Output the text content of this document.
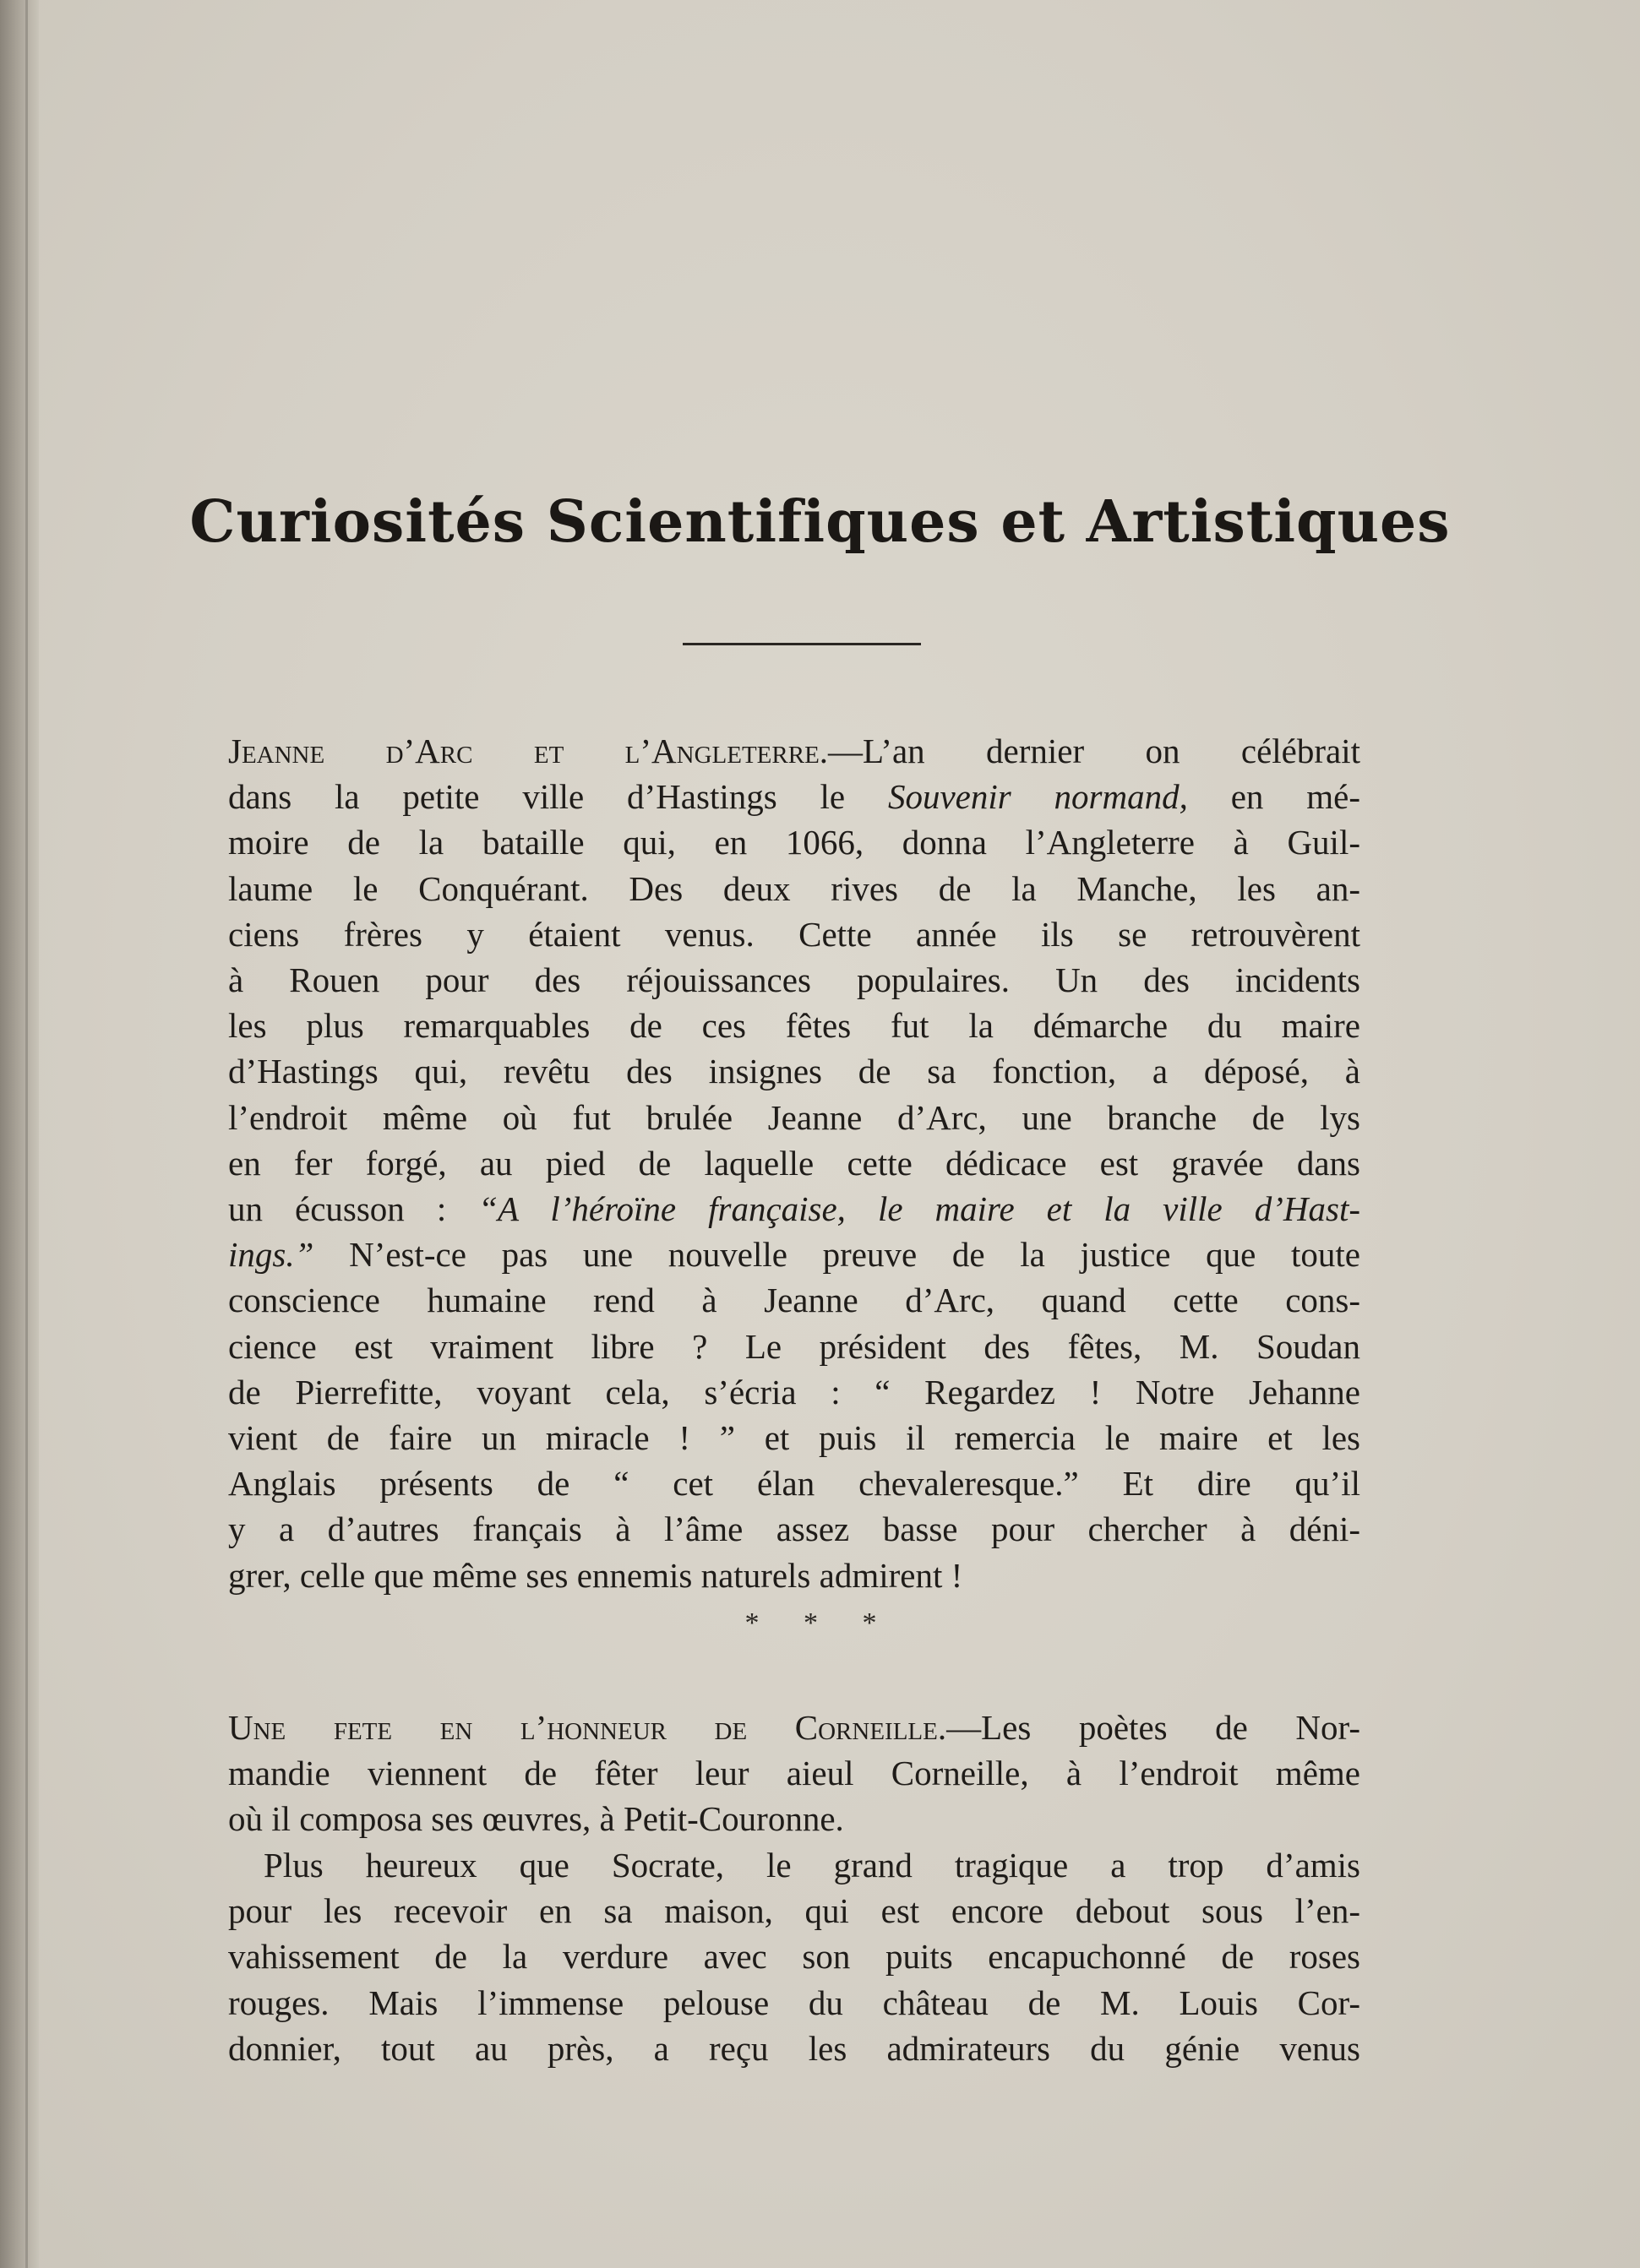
Curiosités Scientifiques et Artistiques
Jeanne d’Arc et l’Angleterre.—L’an dernier on célébrait
dans la petite ville d’Hastings le Souvenir normand, en mé-
moire de la bataille qui, en 1066, donna l’Angleterre à Guil-
laume le Conquérant. Des deux rives de la Manche, les an-
ciens frères y étaient venus. Cette année ils se retrouvèrent
à Rouen pour des réjouissances populaires. Un des incidents
les plus remarquables de ces fêtes fut la démarche du maire
d’Hastings qui, revêtu des insignes de sa fonction, a déposé, à
l’endroit même où fut brulée Jeanne d’Arc, une branche de lys
en fer forgé, au pied de laquelle cette dédicace est gravée dans
un écusson : “A l’héroïne française, le maire et la ville d’Hast-
ings.” N’est-ce pas une nouvelle preuve de la justice que toute
conscience humaine rend à Jeanne d’Arc, quand cette cons-
cience est vraiment libre ? Le président des fêtes, M. Soudan
de Pierrefitte, voyant cela, s’écria : “ Regardez ! Notre Jehanne
vient de faire un miracle ! ” et puis il remercia le maire et les
Anglais présents de “ cet élan chevaleresque.” Et dire qu’il
y a d’autres français à l’âme assez basse pour chercher à déni-
grer, celle que même ses ennemis naturels admirent !
* * *
Une fete en l’honneur de Corneille.—Les poètes de Nor-
mandie viennent de fêter leur aieul Corneille, à l’endroit même
où il composa ses œuvres, à Petit-Couronne.
Plus heureux que Socrate, le grand tragique a trop d’amis
pour les recevoir en sa maison, qui est encore debout sous l’en-
vahissement de la verdure avec son puits encapuchonné de roses
rouges. Mais l’immense pelouse du château de M. Louis Cor-
donnier, tout au près, a reçu les admirateurs du génie venus
